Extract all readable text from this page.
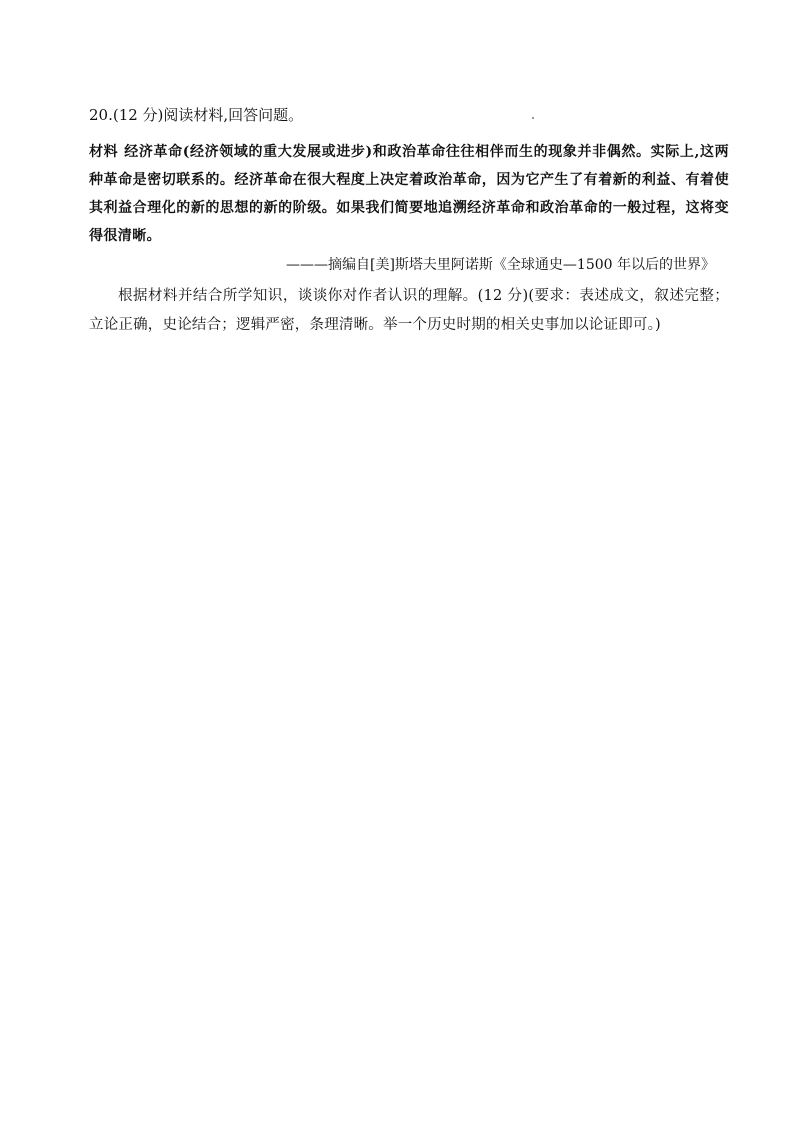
20.(12 分)阅读材料,回答问题。
材料 经济革命(经济领域的重大发展或进步)和政治革命往往相伴而生的现象并非偶然。实际上,这两种革命是密切联系的。经济革命在很大程度上决定着政治革命，因为它产生了有着新的利益、有着使其利益合理化的新的思想的新的阶级。如果我们简要地追溯经济革命和政治革命的一般过程，这将变得很清晰。
———摘编自[美]斯塔夫里阿诺斯《全球通史—1500 年以后的世界》
根据材料并结合所学知识，谈谈你对作者认识的理解。(12 分)(要求：表述成文，叙述完整；立论正确，史论结合；逻辑严密，条理清晰。举一个历史时期的相关史事加以论证即可。)
